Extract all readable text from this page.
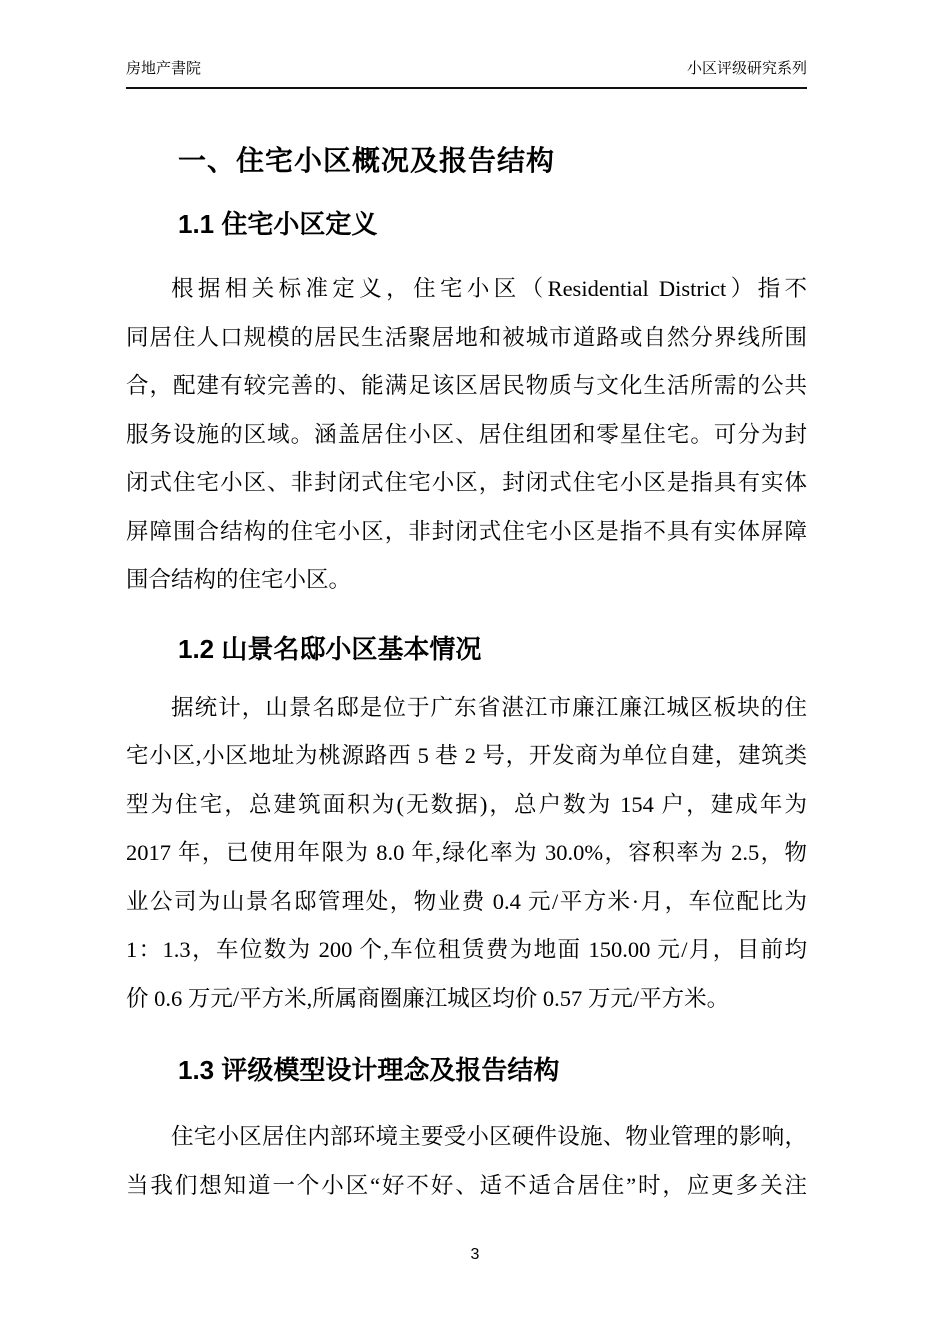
房地产書院	小区评级研究系列
一、住宅小区概况及报告结构
1.1 住宅小区定义
根据相关标准定义，住宅小区（Residential District）指不
同居住人口规模的居民生活聚居地和被城市道路或自然分界线所围
合，配建有较完善的、能满足该区居民物质与文化生活所需的公共
服务设施的区域。涵盖居住小区、居住组团和零星住宅。可分为封
闭式住宅小区、非封闭式住宅小区，封闭式住宅小区是指具有实体
屏障围合结构的住宅小区，非封闭式住宅小区是指不具有实体屏障
围合结构的住宅小区。
1.2 山景名邸小区基本情况
据统计，山景名邸是位于广东省湛江市廉江廉江城区板块的住
宅小区,小区地址为桃源路西 5 巷 2 号，开发商为单位自建，建筑类
型为住宅，总建筑面积为(无数据)，总户数为 154 户，建成年为
2017 年，已使用年限为 8.0 年,绿化率为 30.0%，容积率为 2.5，物
业公司为山景名邸管理处，物业费 0.4 元/平方米·月，车位配比为
1：1.3，车位数为 200 个,车位租赁费为地面 150.00 元/月，目前均
价 0.6 万元/平方米,所属商圈廉江城区均价 0.57 万元/平方米。
1.3 评级模型设计理念及报告结构
住宅小区居住内部环境主要受小区硬件设施、物业管理的影响，
当我们想知道一个小区“好不好、适不适合居住”时，应更多关注
3
